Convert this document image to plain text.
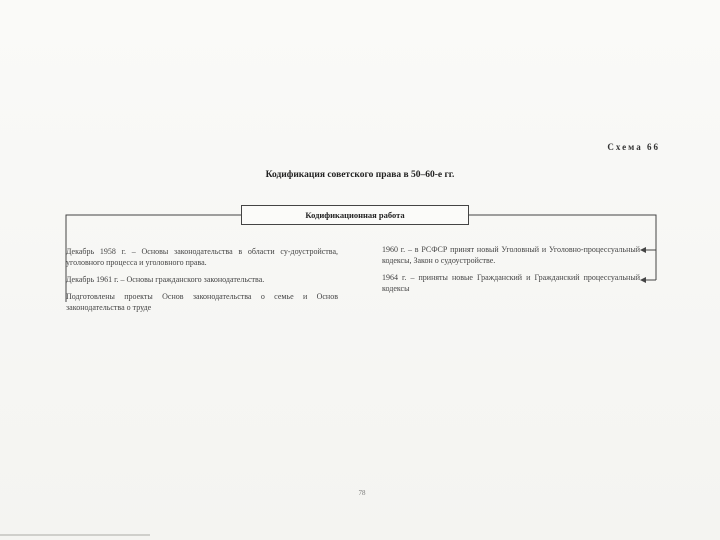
Схема 66
Кодификация советского права в 50–60-е гг.
Кодификационная работа

Декабрь 1958 г. – Основы законодательства в области су-доустройства, уголовного процесса и уголовного права.

Декабрь 1961 г. – Основы гражданского законодательства.

Подготовлены проекты Основ законодательства о семье и Основ законодательства о труде

1960 г. – в РСФСР принят новый Уголовный и Уголовно-процессуальный кодексы, Закон о судоустройстве.

1964 г. – приняты новые Гражданский и Гражданский процессуальный кодексы

78
